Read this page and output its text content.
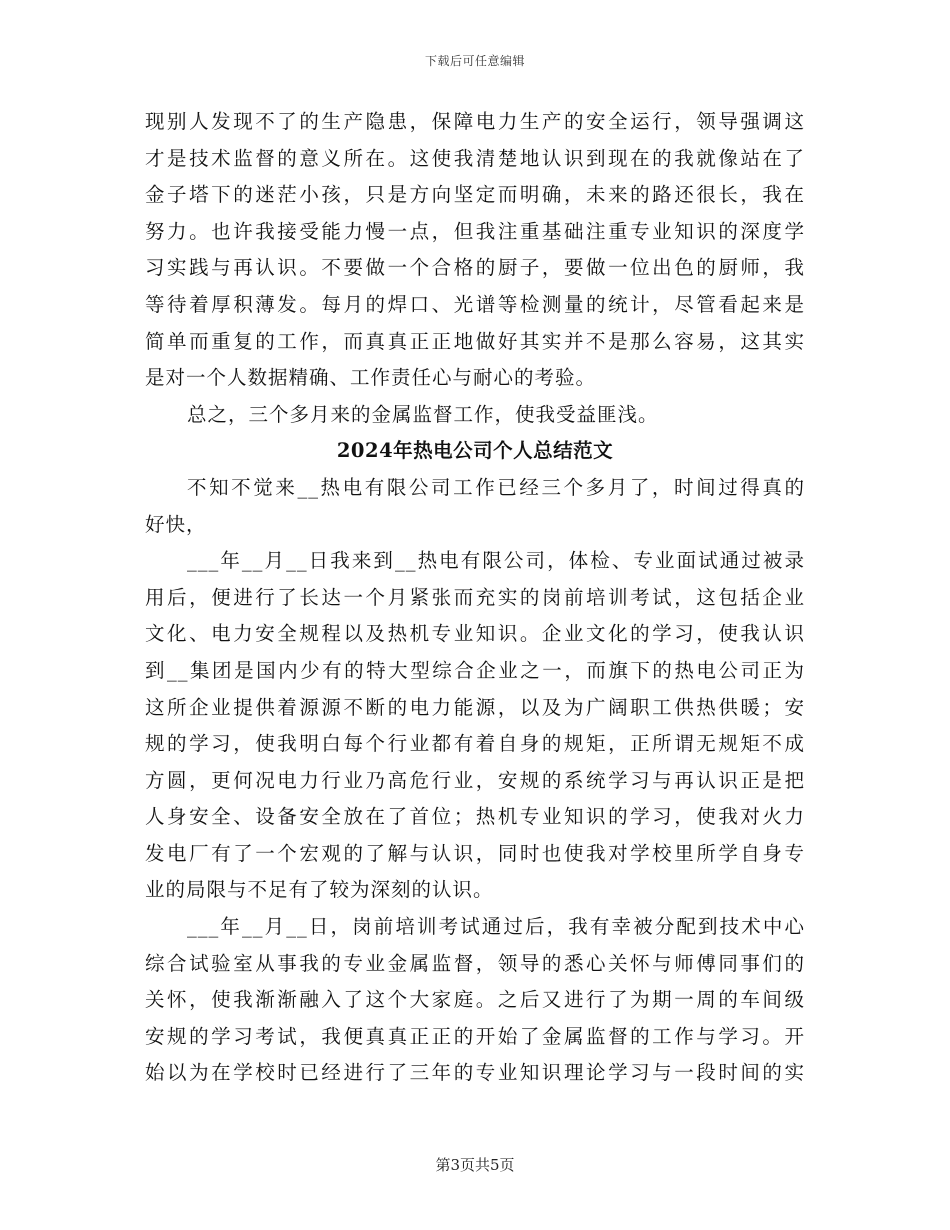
下载后可任意编辑
现别人发现不了的生产隐患，保障电力生产的安全运行，领导强调这
才是技术监督的意义所在。这使我清楚地认识到现在的我就像站在了
金子塔下的迷茫小孩，只是方向坚定而明确，未来的路还很长，我在
努力。也许我接受能力慢一点，但我注重基础注重专业知识的深度学
习实践与再认识。不要做一个合格的厨子，要做一位出色的厨师，我
等待着厚积薄发。每月的焊口、光谱等检测量的统计，尽管看起来是
简单而重复的工作，而真真正正地做好其实并不是那么容易，这其实
是对一个人数据精确、工作责任心与耐心的考验。
总之，三个多月来的金属监督工作，使我受益匪浅。
2024年热电公司个人总结范文
不知不觉来__热电有限公司工作已经三个多月了，时间过得真的
好快，
___年__月__日我来到__热电有限公司，体检、专业面试通过被录
用后，便进行了长达一个月紧张而充实的岗前培训考试，这包括企业
文化、电力安全规程以及热机专业知识。企业文化的学习，使我认识
到__集团是国内少有的特大型综合企业之一，而旗下的热电公司正为
这所企业提供着源源不断的电力能源，以及为广阔职工供热供暖；安
规的学习，使我明白每个行业都有着自身的规矩，正所谓无规矩不成
方圆，更何况电力行业乃高危行业，安规的系统学习与再认识正是把
人身安全、设备安全放在了首位；热机专业知识的学习，使我对火力
发电厂有了一个宏观的了解与认识，同时也使我对学校里所学自身专
业的局限与不足有了较为深刻的认识。
___年__月__日，岗前培训考试通过后，我有幸被分配到技术中心
综合试验室从事我的专业金属监督，领导的悉心关怀与师傅同事们的
关怀，使我渐渐融入了这个大家庭。之后又进行了为期一周的车间级
安规的学习考试，我便真真正正的开始了金属监督的工作与学习。开
始以为在学校时已经进行了三年的专业知识理论学习与一段时间的实
第3页共5页
